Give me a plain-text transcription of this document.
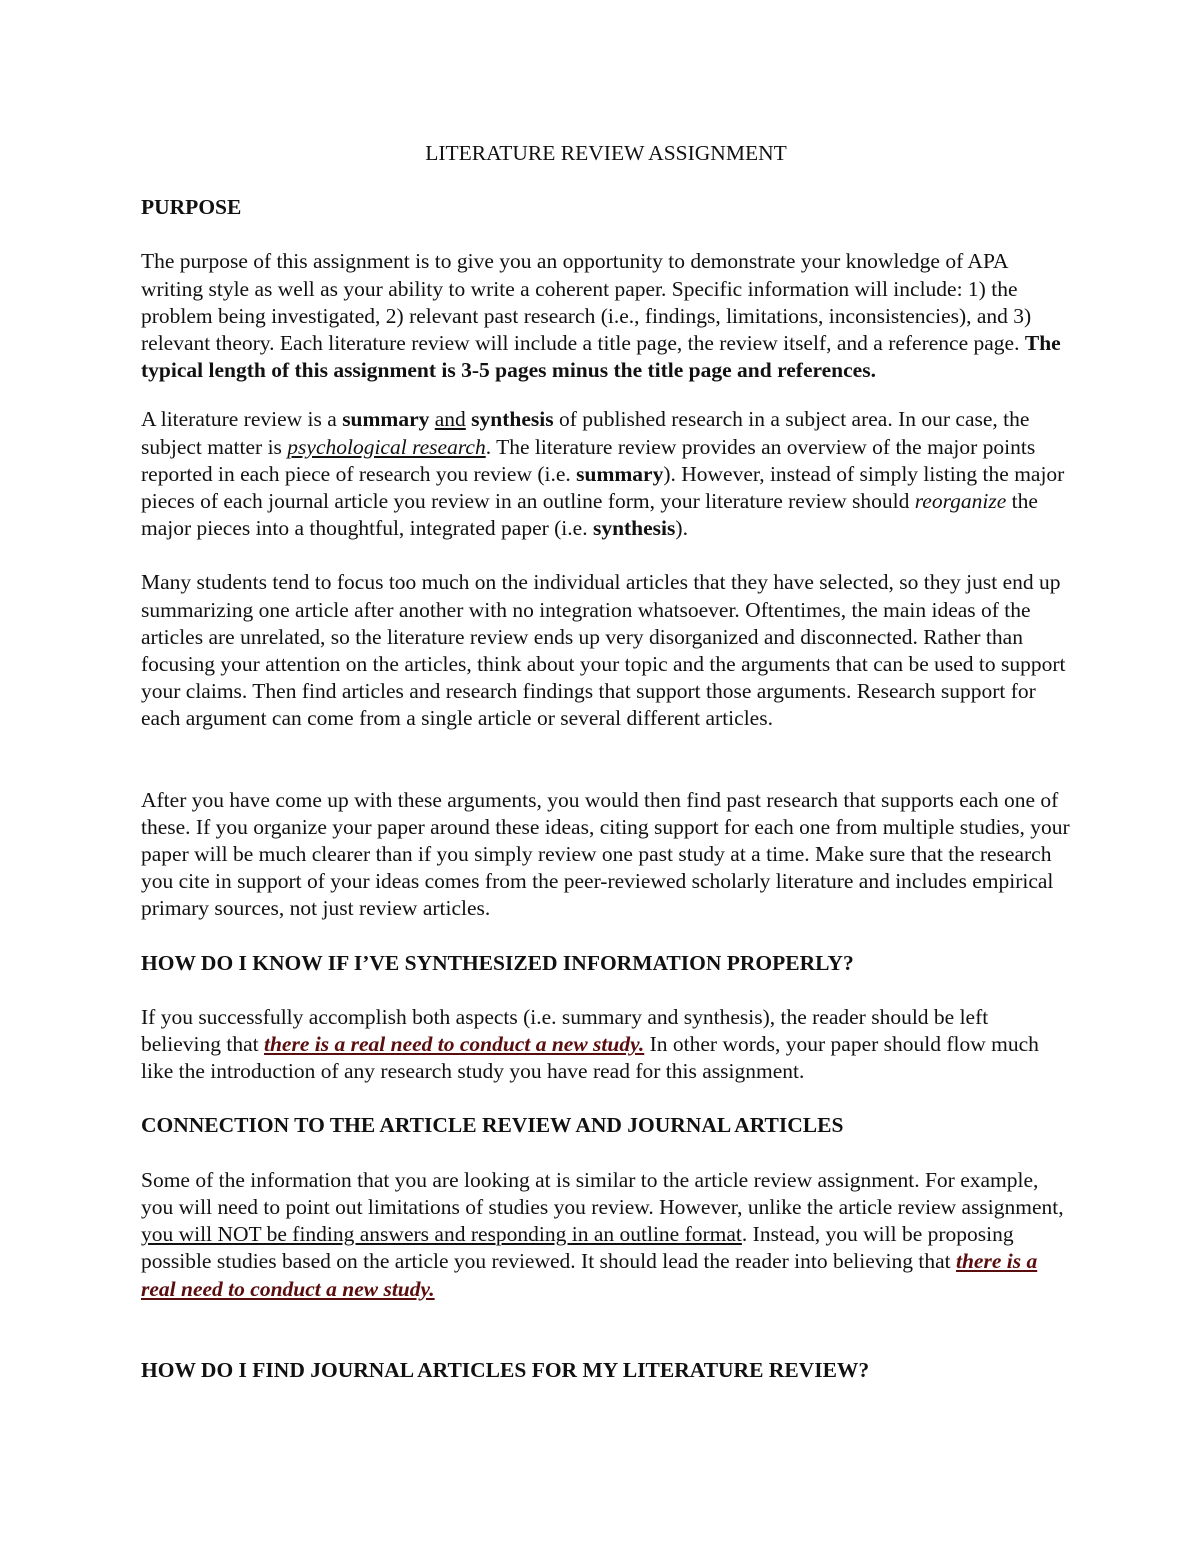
LITERATURE REVIEW ASSIGNMENT

PURPOSE

The purpose of this assignment is to give you an opportunity to demonstrate your knowledge of APA writing style as well as your ability to write a coherent paper. Specific information will include: 1) the problem being investigated, 2) relevant past research (i.e., findings, limitations, inconsistencies), and 3) relevant theory. Each literature review will include a title page, the review itself, and a reference page. The typical length of this assignment is 3-5 pages minus the title page and references.

A literature review is a summary and synthesis of published research in a subject area. In our case, the subject matter is psychological research. The literature review provides an overview of the major points reported in each piece of research you review (i.e. summary). However, instead of simply listing the major pieces of each journal article you review in an outline form, your literature review should reorganize the major pieces into a thoughtful, integrated paper (i.e. synthesis).

Many students tend to focus too much on the individual articles that they have selected, so they just end up summarizing one article after another with no integration whatsoever. Oftentimes, the main ideas of the articles are unrelated, so the literature review ends up very disorganized and disconnected. Rather than focusing your attention on the articles, think about your topic and the arguments that can be used to support your claims. Then find articles and research findings that support those arguments. Research support for each argument can come from a single article or several different articles.

After you have come up with these arguments, you would then find past research that supports each one of these. If you organize your paper around these ideas, citing support for each one from multiple studies, your paper will be much clearer than if you simply review one past study at a time. Make sure that the research you cite in support of your ideas comes from the peer-reviewed scholarly literature and includes empirical primary sources, not just review articles.

HOW DO I KNOW IF I’VE SYNTHESIZED INFORMATION PROPERLY?

If you successfully accomplish both aspects (i.e. summary and synthesis), the reader should be left believing that there is a real need to conduct a new study. In other words, your paper should flow much like the introduction of any research study you have read for this assignment.

CONNECTION TO THE ARTICLE REVIEW AND JOURNAL ARTICLES

Some of the information that you are looking at is similar to the article review assignment. For example, you will need to point out limitations of studies you review. However, unlike the article review assignment, you will NOT be finding answers and responding in an outline format. Instead, you will be proposing possible studies based on the article you reviewed. It should lead the reader into believing that there is a real need to conduct a new study.

HOW DO I FIND JOURNAL ARTICLES FOR MY LITERATURE REVIEW?
